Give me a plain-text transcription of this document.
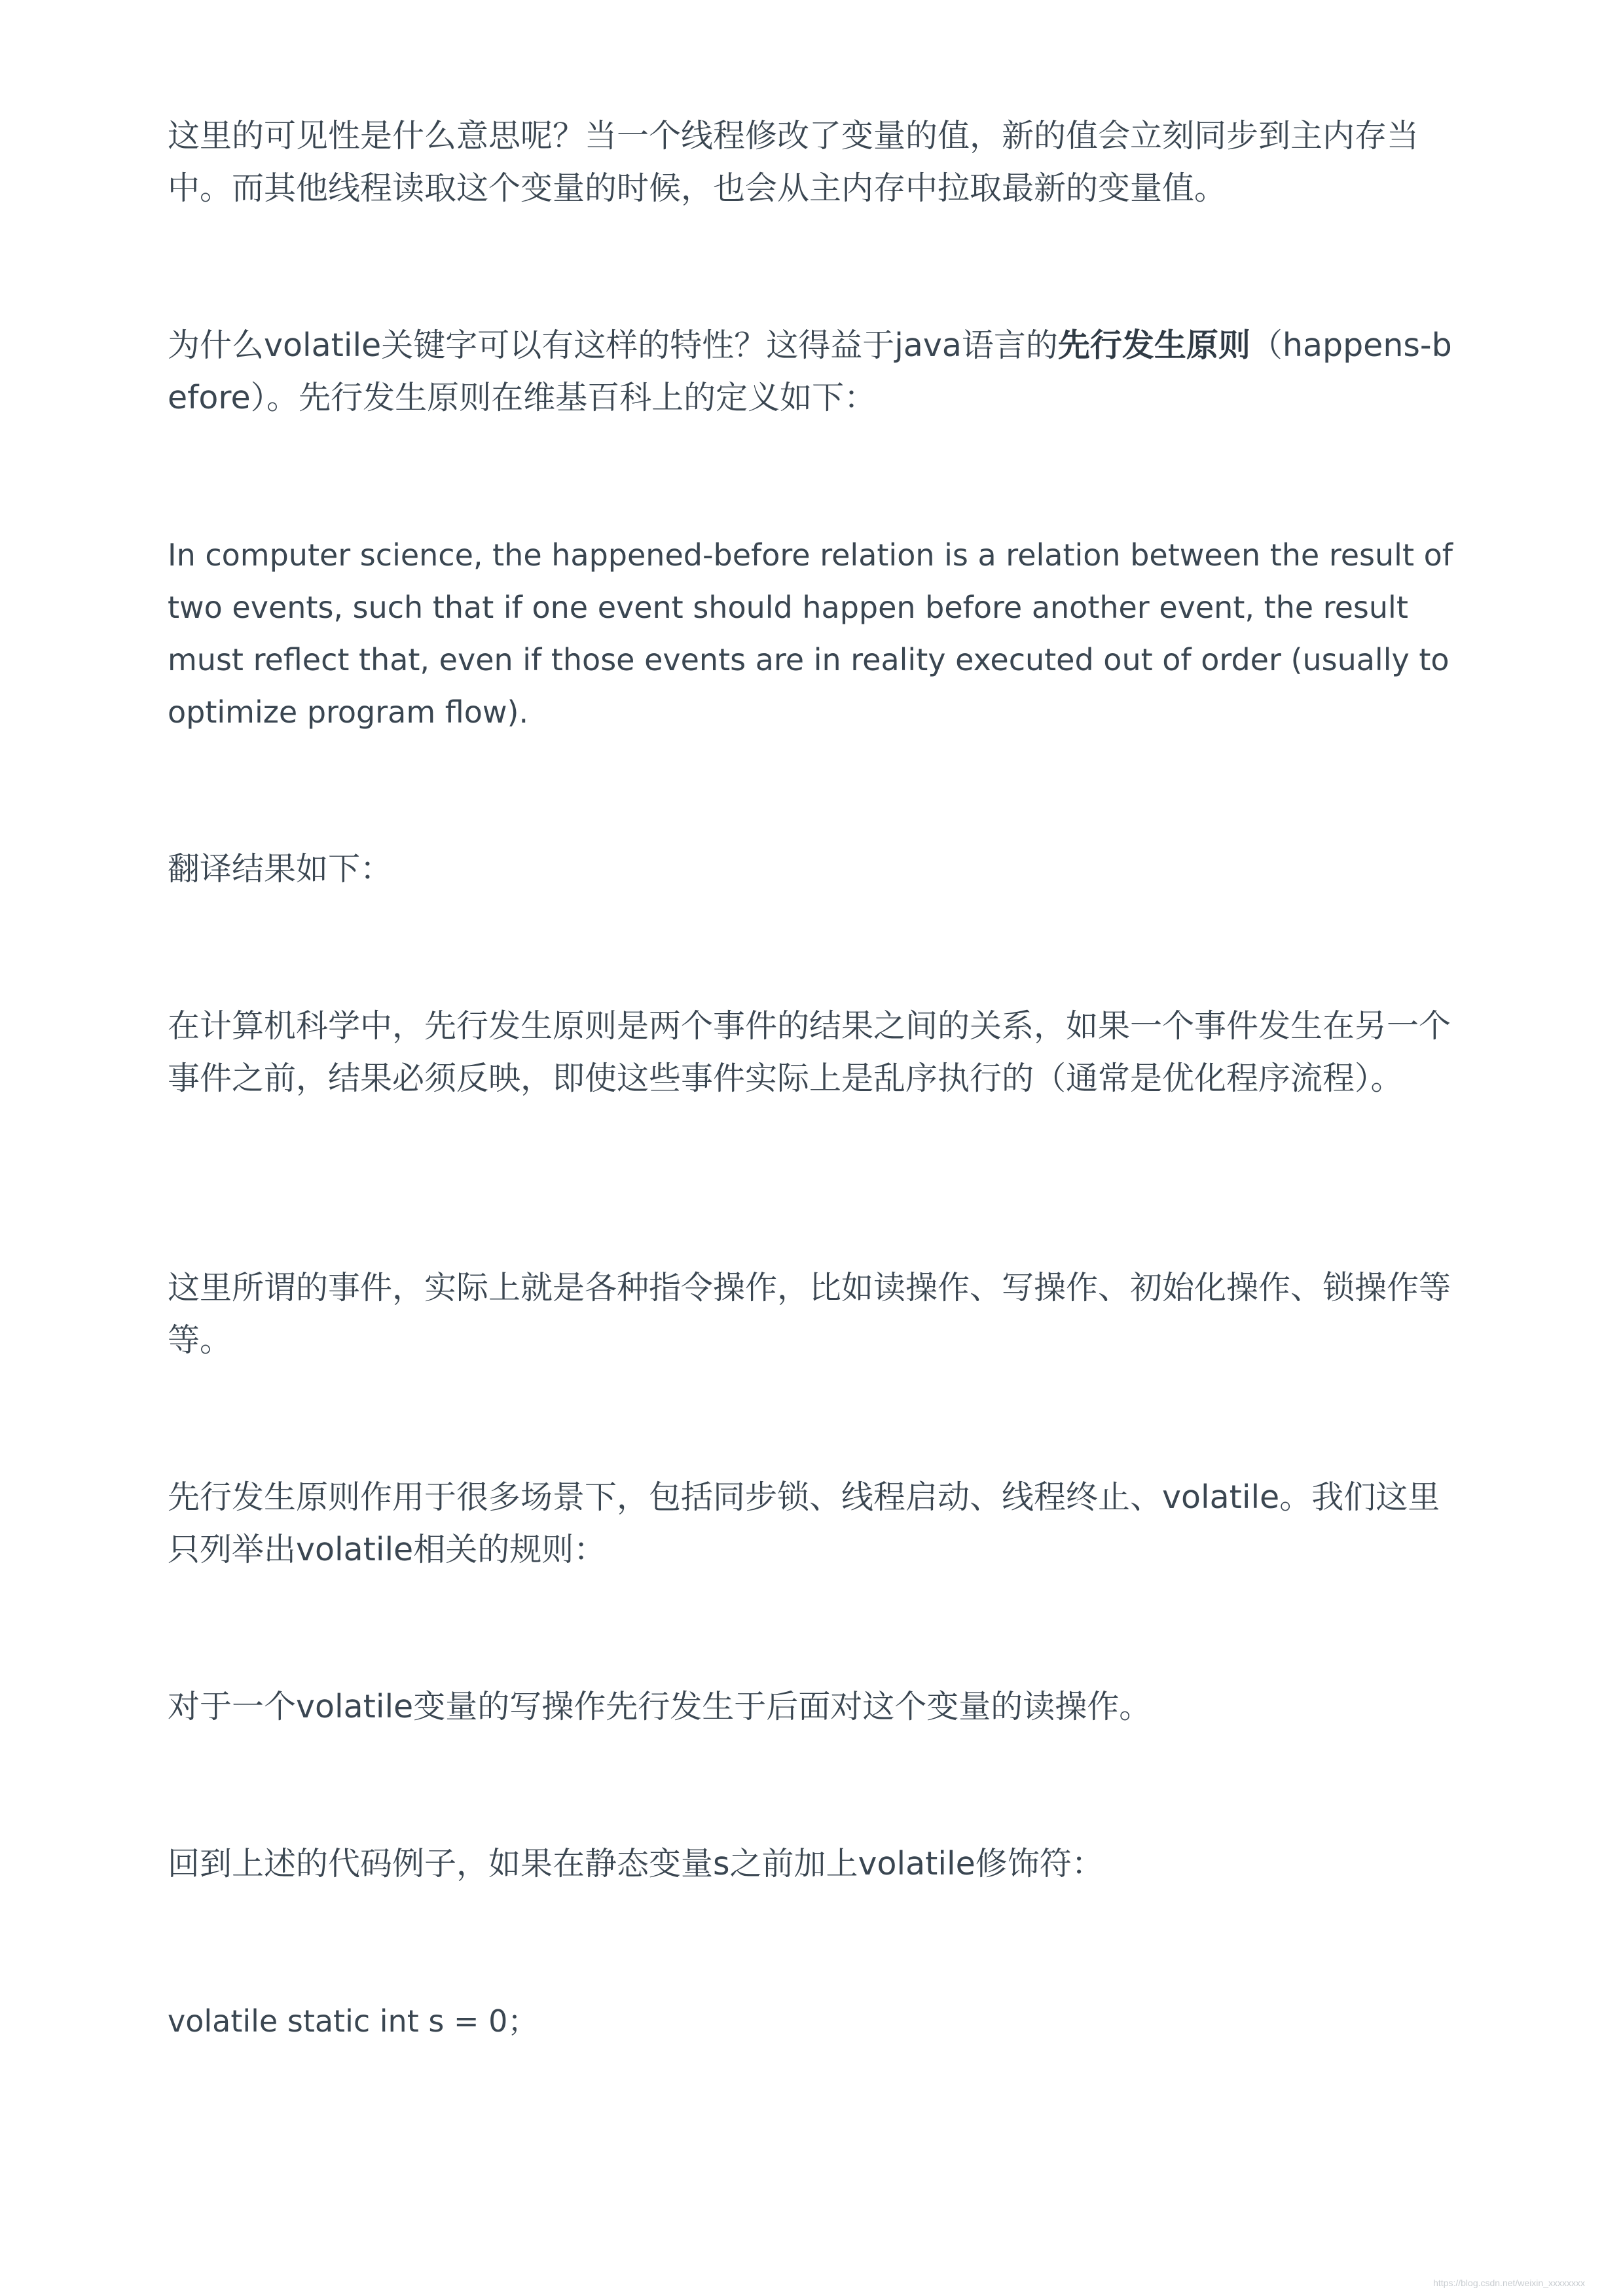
这里的可见性是什么意思呢？当一个线程修改了变量的值，新的值会立刻同步到主内存当中。而其他线程读取这个变量的时候，也会从主内存中拉取最新的变量值。

为什么volatile关键字可以有这样的特性？这得益于java语言的先行发生原则（happens-before）。先行发生原则在维基百科上的定义如下：

In computer science, the happened-before relation is a relation between the result of two events, such that if one event should happen before another event, the result must reflect that, even if those events are in reality executed out of order (usually to optimize program flow).

翻译结果如下：

在计算机科学中，先行发生原则是两个事件的结果之间的关系，如果一个事件发生在另一个事件之前，结果必须反映，即使这些事件实际上是乱序执行的（通常是优化程序流程）。

这里所谓的事件，实际上就是各种指令操作，比如读操作、写操作、初始化操作、锁操作等等。

先行发生原则作用于很多场景下，包括同步锁、线程启动、线程终止、volatile。我们这里只列举出volatile相关的规则：

对于一个volatile变量的写操作先行发生于后面对这个变量的读操作。

回到上述的代码例子，如果在静态变量s之前加上volatile修饰符：

volatile static int s = 0；

https://blog.csdn.net/weixin_xxxxxxxx
